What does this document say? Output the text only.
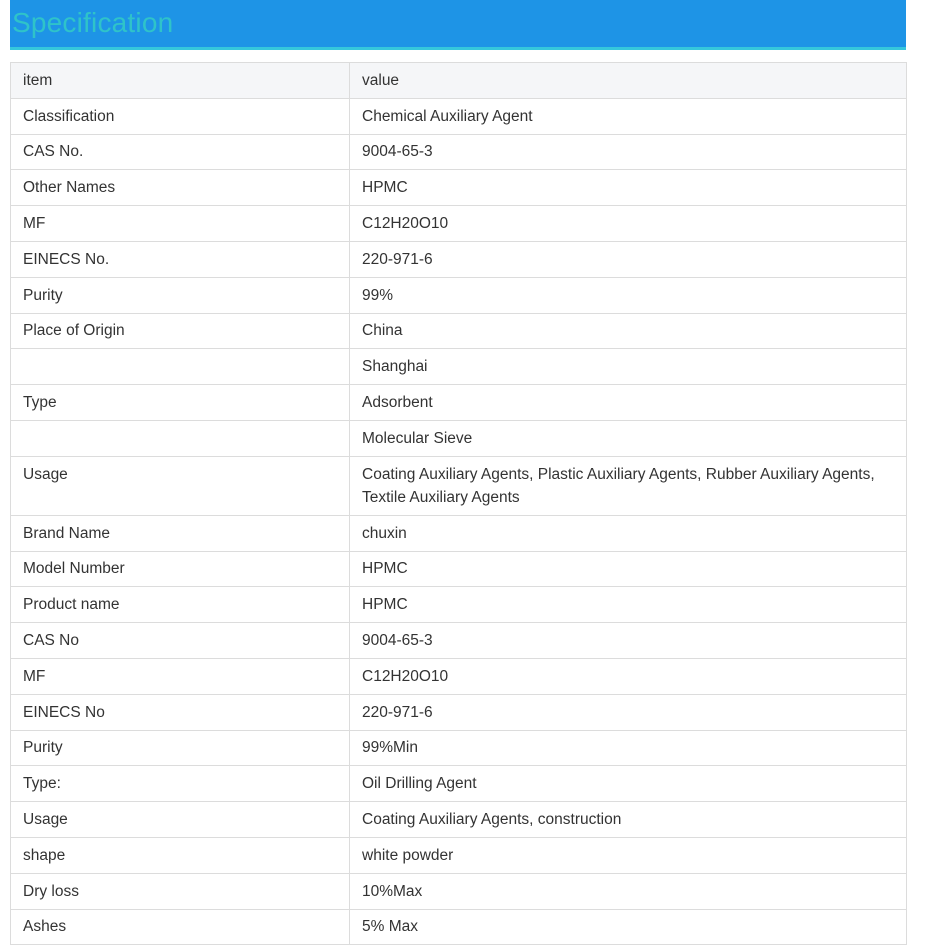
Specification
item	value
Classification	Chemical Auxiliary Agent
CAS No.	9004-65-3
Other Names	HPMC
MF	C12H20O10
EINECS No.	220-971-6
Purity	99%
Place of Origin	China
	Shanghai
Type	Adsorbent
	Molecular Sieve
Usage	Coating Auxiliary Agents, Plastic Auxiliary Agents, Rubber Auxiliary Agents, Textile Auxiliary Agents
Brand Name	chuxin
Model Number	HPMC
Product name	HPMC
CAS No	9004-65-3
MF	C12H20O10
EINECS No	220-971-6
Purity	99%Min
Type:	Oil Drilling Agent
Usage	Coating Auxiliary Agents, construction
shape	white powder
Dry loss	10%Max
Ashes	5% Max
